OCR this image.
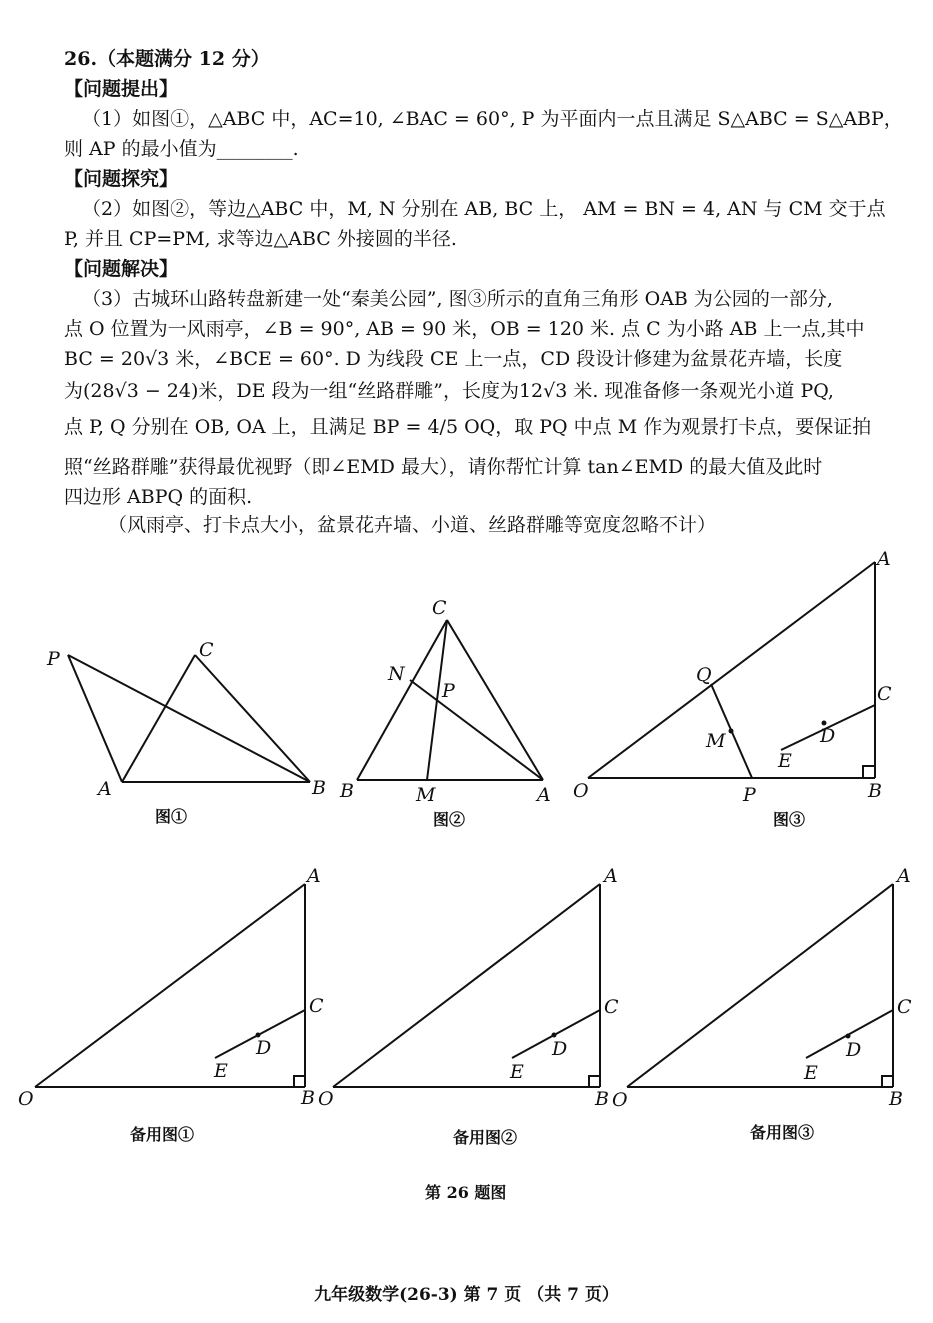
26.（本题满分 12 分）
【问题提出】
（1）如图①，△ABC 中，AC=10, ∠BAC = 60°, P 为平面内一点且满足 S△ABC = S△ABP，
则 AP 的最小值为________.
【问题探究】
（2）如图②，等边△ABC 中，M, N 分别在 AB, BC 上， AM = BN = 4, AN 与 CM 交于点
P, 并且 CP=PM, 求等边△ABC 外接圆的半径.
【问题解决】
（3）古城环山路转盘新建一处“秦美公园”, 图③所示的直角三角形 OAB 为公园的一部分,
点 O 位置为一风雨亭，∠B = 90°, AB = 90 米，OB = 120 米. 点 C 为小路 AB 上一点,其中
BC = 20√3 米，∠BCE = 60°. D 为线段 CE 上一点，CD 段设计修建为盆景花卉墙，长度
为(28√3 − 24)米，DE 段为一组“丝路群雕”，长度为12√3 米. 现准备修一条观光小道 PQ,
点 P, Q 分别在 OB, OA 上，且满足 BP = 4/5 OQ，取 PQ 中点 M 作为观景打卡点，要保证拍
照“丝路群雕”获得最优视野（即∠EMD 最大），请你帮忙计算 tan∠EMD 的最大值及此时
四边形 ABPQ 的面积.
（风雨亭、打卡点大小，盆景花卉墙、小道、丝路群雕等宽度忽略不计）
P	C
A	B
图①
C
N
P
B	M	A
图②
A
Q
C
M	D
E
O	P	B
图③
A
C
D
E
O	B
备用图①
A
C
D
E
O	B
备用图②
A
C
D
E
O	B
备用图③
第 26 题图
九年级数学(26-3) 第 7 页 （共 7 页）
